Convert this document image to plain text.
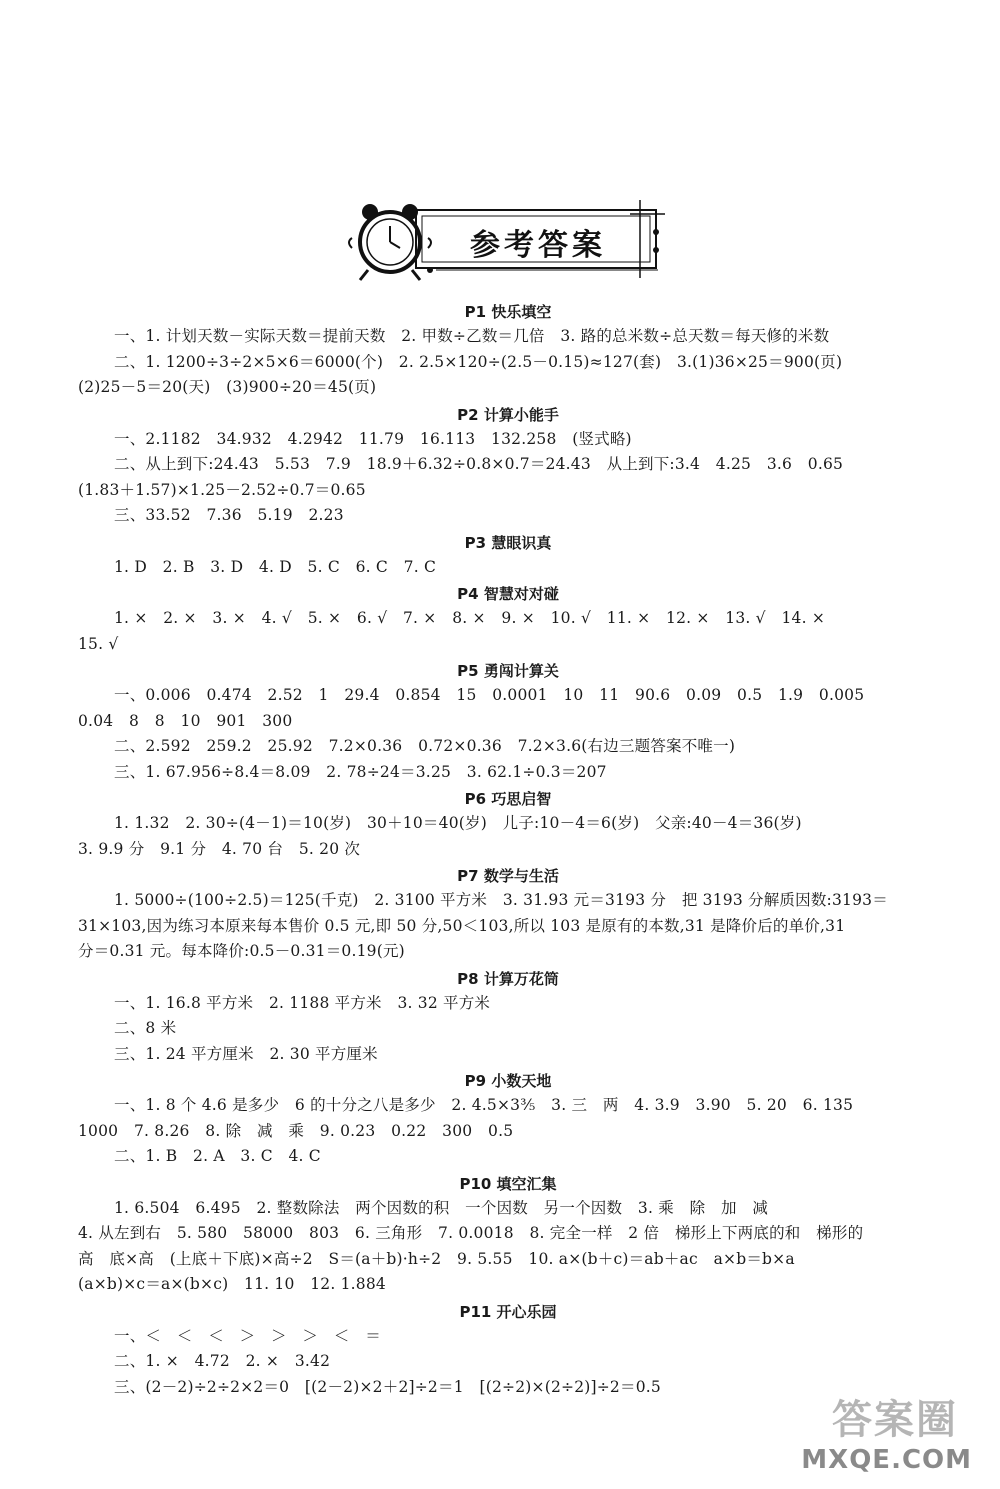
参考答案
P1 快乐填空
一、1. 计划天数－实际天数＝提前天数　2. 甲数÷乙数＝几倍　3. 路的总米数÷总天数＝每天修的米数
二、1. 1200÷3÷2×5×6＝6000(个)　2. 2.5×120÷(2.5－0.15)≈127(套)　3.(1)36×25＝900(页)
(2)25－5＝20(天)　(3)900÷20＝45(页)
P2 计算小能手
一、2.1182　34.932　4.2942　11.79　16.113　132.258　(竖式略)
二、从上到下:24.43　5.53　7.9　18.9＋6.32÷0.8×0.7＝24.43　从上到下:3.4　4.25　3.6　0.65
(1.83＋1.57)×1.25－2.52÷0.7＝0.65
三、33.52　7.36　5.19　2.23
P3 慧眼识真
1. D　2. B　3. D　4. D　5. C　6. C　7. C
P4 智慧对对碰
1. ×　2. ×　3. ×　4. √　5. ×　6. √　7. ×　8. ×　9. ×　10. √　11. ×　12. ×　13. √　14. ×
15. √
P5 勇闯计算关
一、0.006　0.474　2.52　1　29.4　0.854　15　0.0001　10　11　90.6　0.09　0.5　1.9　0.005
0.04　8　8　10　901　300
二、2.592　259.2　25.92　7.2×0.36　0.72×0.36　7.2×3.6(右边三题答案不唯一)
三、1. 67.956÷8.4＝8.09　2. 78÷24＝3.25　3. 62.1÷0.3＝207
P6 巧思启智
1. 1.32　2. 30÷(4－1)＝10(岁)　30＋10＝40(岁)　儿子:10－4＝6(岁)　父亲:40－4＝36(岁)
3. 9.9 分　9.1 分　4. 70 台　5. 20 次
P7 数学与生活
1. 5000÷(100÷2.5)＝125(千克)　2. 3100 平方米　3. 31.93 元＝3193 分　把 3193 分解质因数:3193＝
31×103,因为练习本原来每本售价 0.5 元,即 50 分,50＜103,所以 103 是原有的本数,31 是降价后的单价,31
分＝0.31 元。每本降价:0.5－0.31＝0.19(元)
P8 计算万花筒
一、1. 16.8 平方米　2. 1188 平方米　3. 32 平方米
二、8 米
三、1. 24 平方厘米　2. 30 平方厘米
P9 小数天地
一、1. 8 个 4.6 是多少　6 的十分之八是多少　2. 4.5×3⅗　3. 三　两　4. 3.9　3.90　5. 20　6. 135
1000　7. 8.26　8. 除　减　乘　9. 0.23　0.22　300　0.5
二、1. B　2. A　3. C　4. C
P10 填空汇集
1. 6.504　6.495　2. 整数除法　两个因数的积　一个因数　另一个因数　3. 乘　除　加　减
4. 从左到右　5. 580　58000　803　6. 三角形　7. 0.0018　8. 完全一样　2 倍　梯形上下两底的和　梯形的
高　底×高　(上底＋下底)×高÷2　S＝(a＋b)·h÷2　9. 5.55　10. a×(b＋c)＝ab＋ac　a×b＝b×a
(a×b)×c＝a×(b×c)　11. 10　12. 1.884
P11 开心乐园
一、＜　＜　＜　＞　＞　＞　＜　＝
二、1. ×　4.72　2. ×　3.42
三、(2－2)÷2÷2×2＝0　[(2－2)×2＋2]÷2＝1　[(2÷2)×(2÷2)]÷2＝0.5
答案圈
MXQE.COM
